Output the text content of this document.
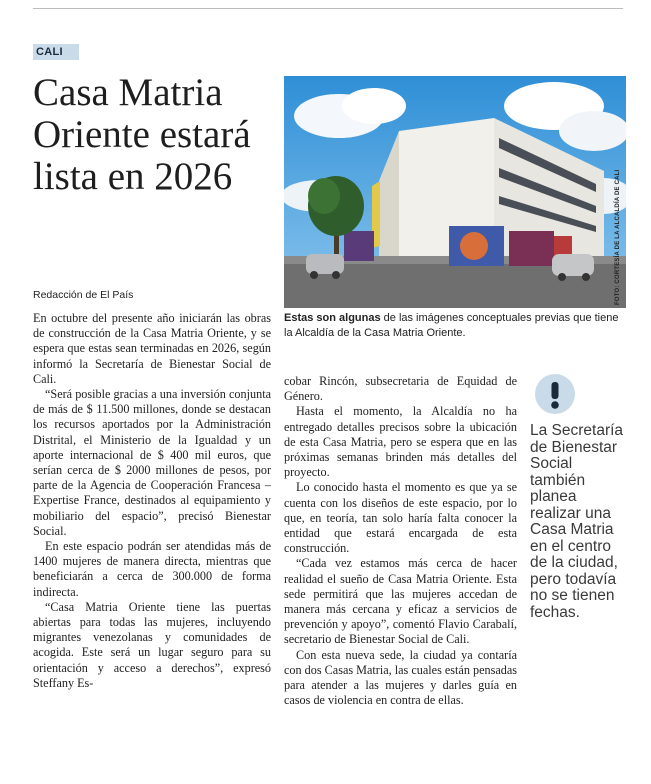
CALI
Casa Matria Oriente estará lista en 2026
Redacción de El País

En octubre del presente año iniciarán las obras de construcción de la Casa Matria Oriente, y se espera que estas sean terminadas en 2026, según informó la Secretaría de Bienestar Social de Cali.

“Será posible gracias a una inversión conjunta de más de $ 11.500 millones, donde se destacan los recursos aportados por la Administración Distrital, el Ministerio de la Igualdad y un aporte internacional de $ 400 mil euros, que serían cerca de $ 2000 millones de pesos, por parte de la Agencia de Cooperación Francesa – Expertise France, destinados al equipamiento y mobiliario del espacio”, precisó Bienestar Social.

En este espacio podrán ser atendidas más de 1400 mujeres de manera directa, mientras que beneficiarán a cerca de 300.000 de forma indirecta.

“Casa Matria Oriente tiene las puertas abiertas para todas las mujeres, incluyendo migrantes venezolanas y comunidades de acogida. Este será un lugar seguro para su orientación y acceso a derechos”, expresó Steffany Es-

FOTO: CORTESÍA DE LA ALCALDÍA DE CALI
Estas son algunas de las imágenes conceptuales previas que tiene la Alcaldía de la Casa Matria Oriente.

cobar Rincón, subsecretaria de Equidad de Género.

Hasta el momento, la Alcaldía no ha entregado detalles precisos sobre la ubicación de esta Casa Matria, pero se espera que en las próximas semanas brinden más detalles del proyecto.

Lo conocido hasta el momento es que ya se cuenta con los diseños de este espacio, por lo que, en teoría, tan solo haría falta conocer la entidad que estará encargada de esta construcción.

“Cada vez estamos más cerca de hacer realidad el sueño de Casa Matria Oriente. Esta sede permitirá que las mujeres accedan de manera más cercana y eficaz a servicios de prevención y apoyo”, comentó Flavio Carabalí, secretario de Bienestar Social de Cali.

Con esta nueva sede, la ciudad ya contaría con dos Casas Matria, las cuales están pensadas para atender a las mujeres y darles guía en casos de violencia en contra de ellas.

La Secretaría de Bienestar Social también planea realizar una Casa Matria en el centro de la ciudad, pero todavía no se tienen fechas.
